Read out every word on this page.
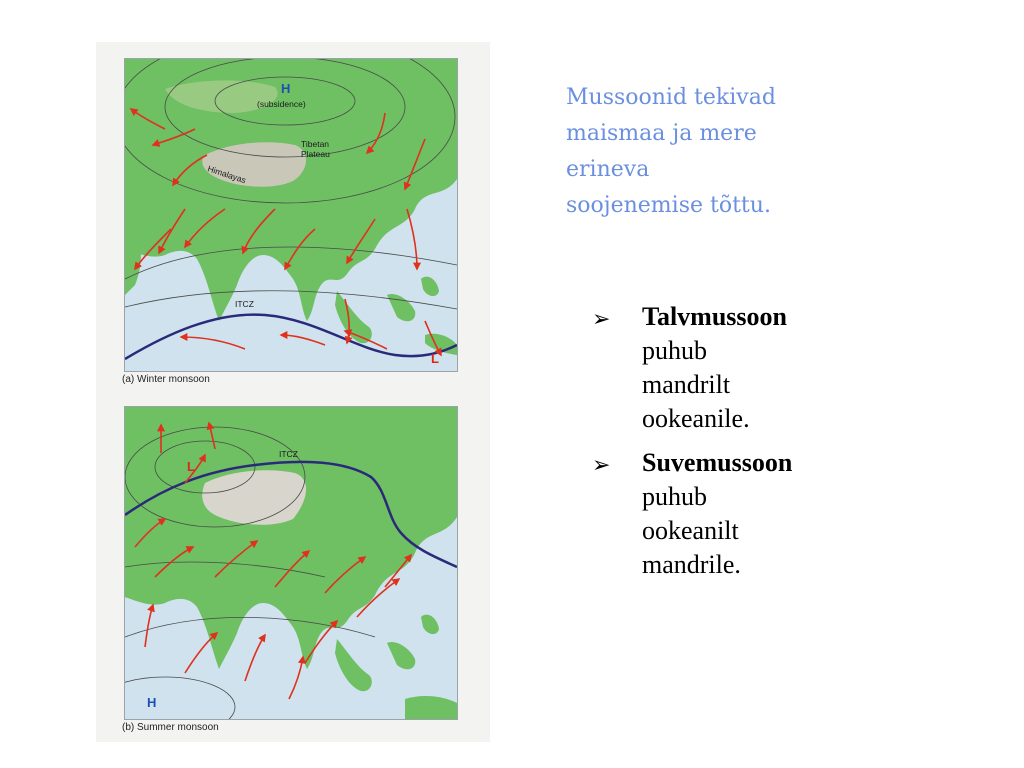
H
(subsidence)
Tibetan
Plateau
Himalayas
ITCZ
L
(a) Winter monsoon
L
ITCZ
H
(b) Summer monsoon
Mussoonid tekivad
maismaa ja mere
erineva
soojenemise tõttu.
➢ Talvmussoon
puhub
mandrilt
ookeanile.
➢ Suvemussoon
puhub
ookeanilt
mandrile.
